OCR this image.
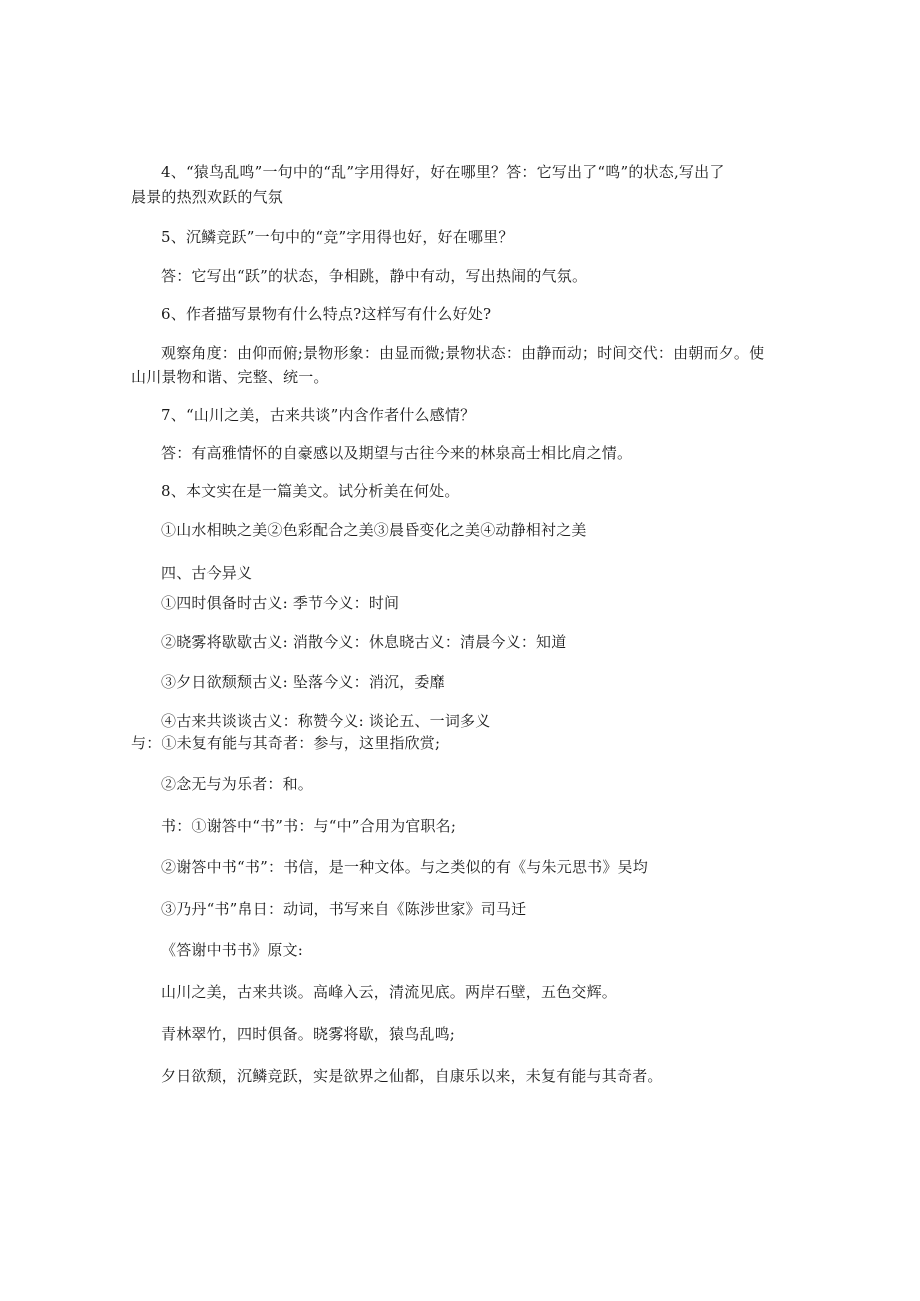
4、“猿鸟乱鸣”一句中的“乱”字用得好，好在哪里？答：它写出了“鸣”的状态,写出了
晨景的热烈欢跃的气氛
5、沉鳞竞跃”一句中的“竞”字用得也好，好在哪里？
答：它写出“跃”的状态，争相跳，静中有动，写出热闹的气氛。
6、作者描写景物有什么特点?这样写有什么好处?
观察角度：由仰而俯;景物形象：由显而微;景物状态：由静而动；时间交代：由朝而夕。使
山川景物和谐、完整、统一。
7、“山川之美，古来共谈”内含作者什么感情？
答：有高雅情怀的自豪感以及期望与古往今来的林泉高士相比肩之情。
8、本文实在是一篇美文。试分析美在何处。
①山水相映之美②色彩配合之美③晨昏变化之美④动静相衬之美
四、古今异义
①四时俱备时古义: 季节今义：时间
②晓雾将歇歇古义: 消散今义：休息晓古义：清晨今义：知道
③夕日欲颓颓古义: 坠落今义：消沉，委靡
④古来共谈谈古义：称赞今义: 谈论五、一词多义
与：①未复有能与其奇者：参与，这里指欣赏;
②念无与为乐者：和。
书：①谢答中“书”书：与“中”合用为官职名;
②谢答中书“书”：书信，是一种文体。与之类似的有《与朱元思书》吴均
③乃丹“书”帛日：动词，书写来自《陈涉世家》司马迁
《答谢中书书》原文:
山川之美，古来共谈。高峰入云，清流见底。两岸石壁，五色交辉。
青林翠竹，四时俱备。晓雾将歇，猿鸟乱鸣;
夕日欲颓，沉鳞竞跃，实是欲界之仙都，自康乐以来，未复有能与其奇者。
